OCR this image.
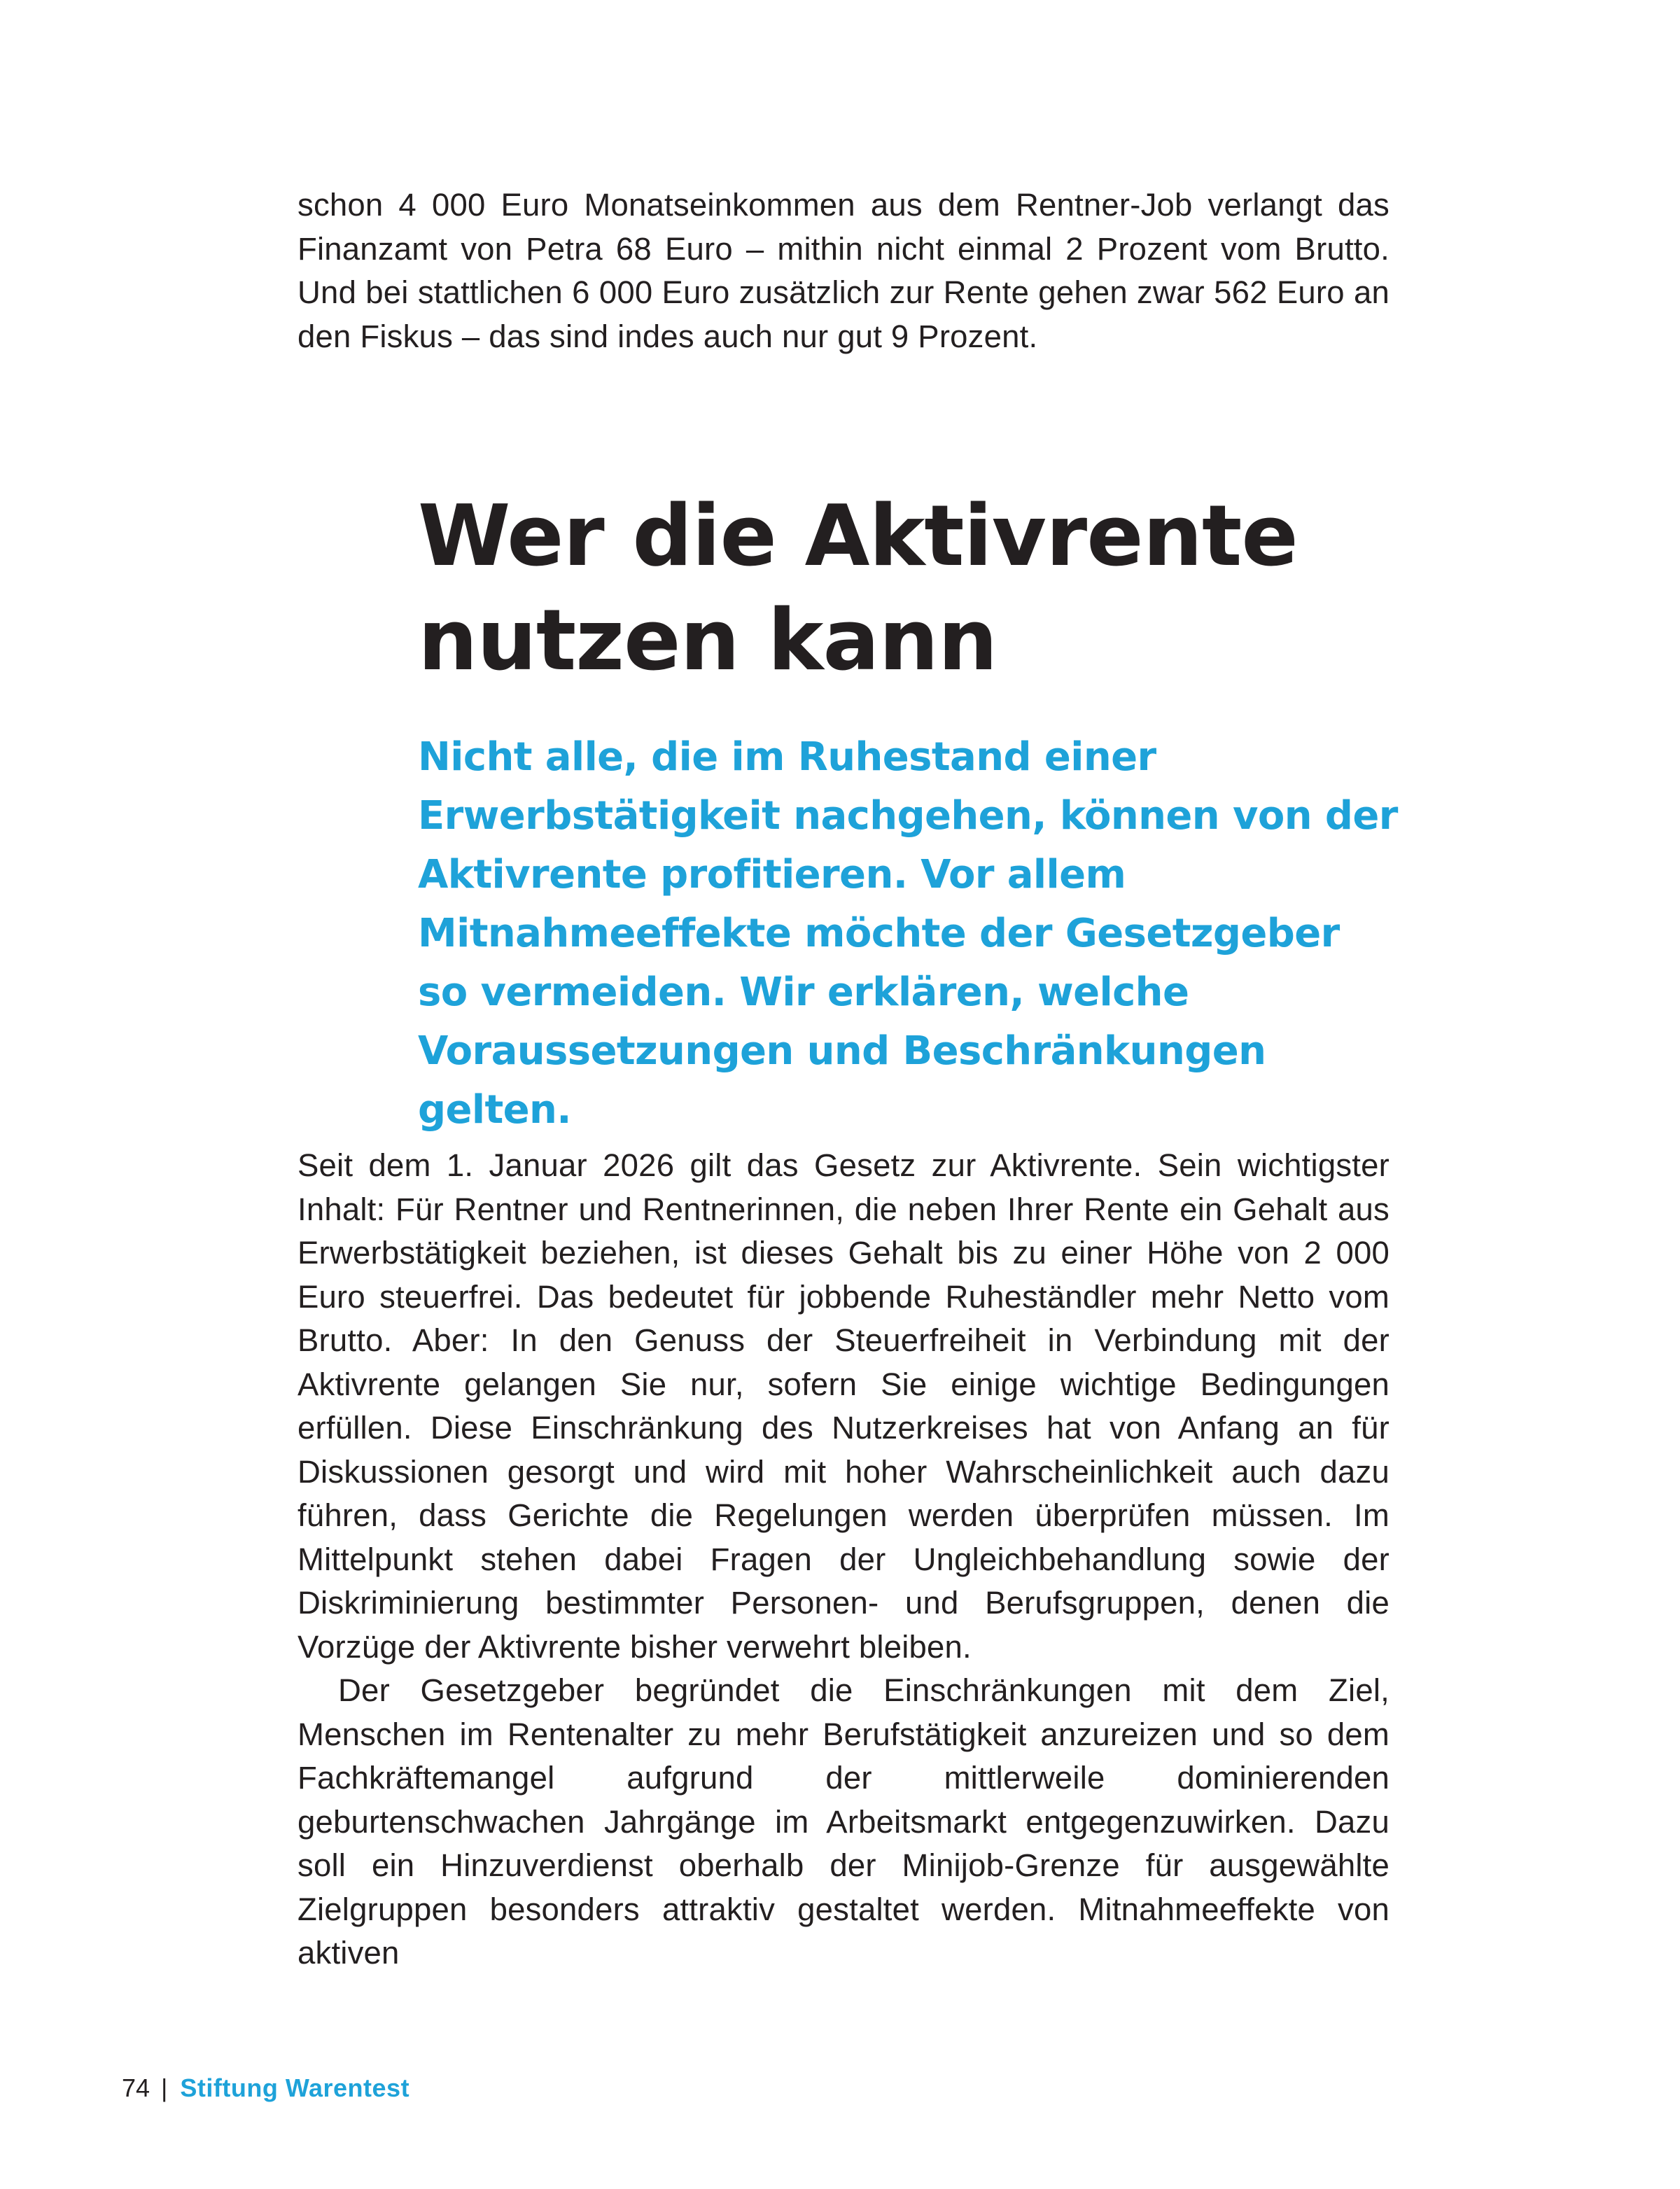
schon 4 000 Euro Monatseinkommen aus dem Rentner-Job verlangt das Finanzamt von Petra 68 Euro – mithin nicht einmal 2 Prozent vom Brutto. Und bei stattlichen 6 000 Euro zusätzlich zur Rente gehen zwar 562 Euro an den Fiskus – das sind indes auch nur gut 9 Prozent.

Wer die Aktivrente nutzen kann

Nicht alle, die im Ruhestand einer Erwerbstätigkeit nachgehen, können von der Aktivrente profitieren. Vor allem Mitnahmeeffekte möchte der Gesetzgeber so vermeiden. Wir erklären, welche Voraussetzungen und Beschränkungen gelten.

Seit dem 1. Januar 2026 gilt das Gesetz zur Aktivrente. Sein wichtigster Inhalt: Für Rentner und Rentnerinnen, die neben Ihrer Rente ein Gehalt aus Erwerbstätigkeit beziehen, ist dieses Gehalt bis zu einer Höhe von 2 000 Euro steuerfrei. Das bedeutet für jobbende Ruheständler mehr Netto vom Brutto. Aber: In den Genuss der Steuerfreiheit in Verbindung mit der Aktivrente gelangen Sie nur, sofern Sie einige wichtige Bedingungen erfüllen. Diese Einschränkung des Nutzerkreises hat von Anfang an für Diskussionen gesorgt und wird mit hoher Wahrscheinlichkeit auch dazu führen, dass Gerichte die Regelungen werden überprüfen müssen. Im Mittelpunkt stehen dabei Fragen der Ungleichbehandlung sowie der Diskriminierung bestimmter Personen- und Berufsgruppen, denen die Vorzüge der Aktivrente bisher verwehrt bleiben.

Der Gesetzgeber begründet die Einschränkungen mit dem Ziel, Menschen im Rentenalter zu mehr Berufstätigkeit anzureizen und so dem Fachkräftemangel aufgrund der mittlerweile dominierenden geburtenschwachen Jahrgänge im Arbeitsmarkt entgegenzuwirken. Dazu soll ein Hinzuverdienst oberhalb der Minijob-Grenze für ausgewählte Zielgruppen besonders attraktiv gestaltet werden. Mitnahmeeffekte von aktiven

74 | Stiftung Warentest
